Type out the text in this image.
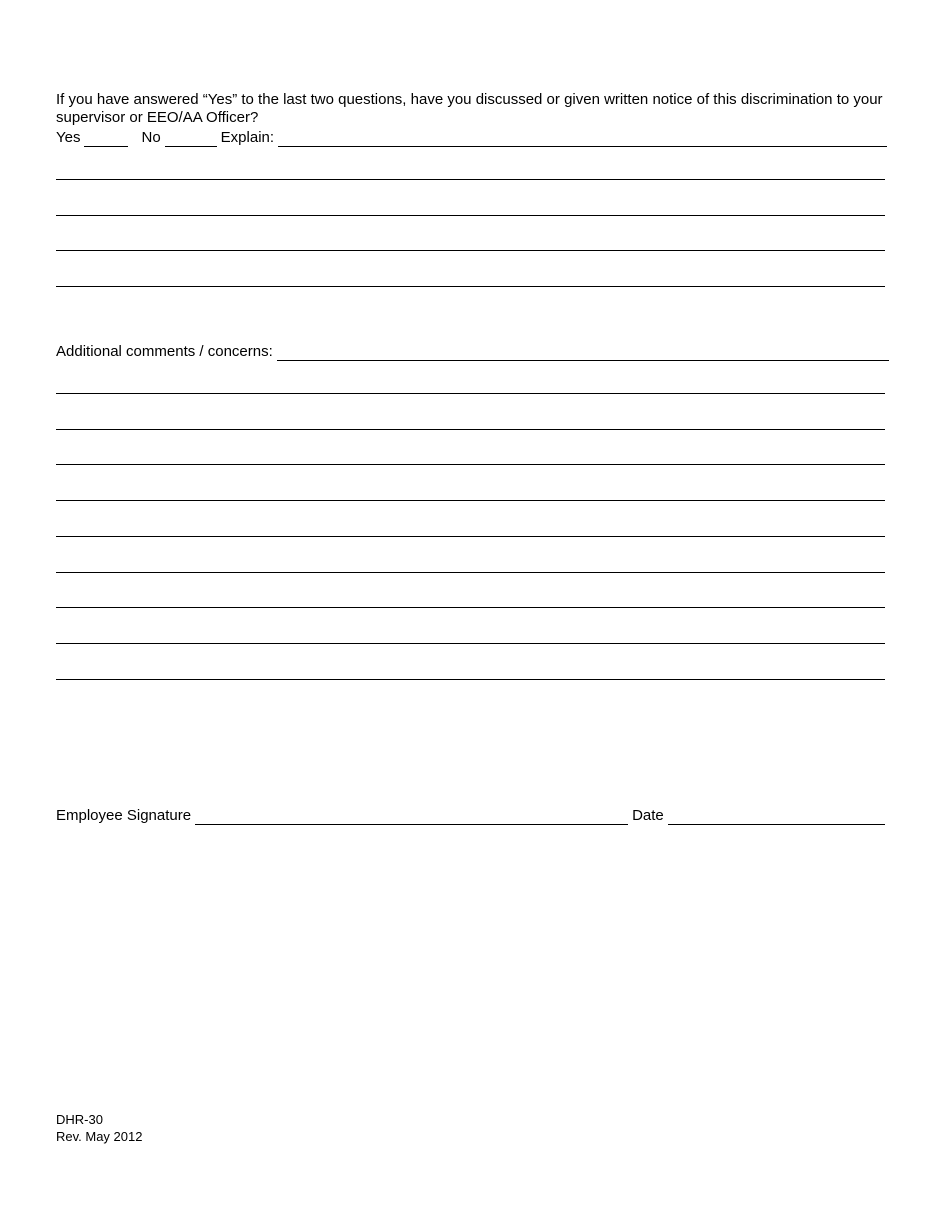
If you have answered “Yes” to the last two questions, have you discussed or given written notice of this discrimination to your supervisor or EEO/AA Officer?
Yes	No	Explain:
Additional comments / concerns:
Employee Signature	Date
DHR-30
Rev. May 2012
